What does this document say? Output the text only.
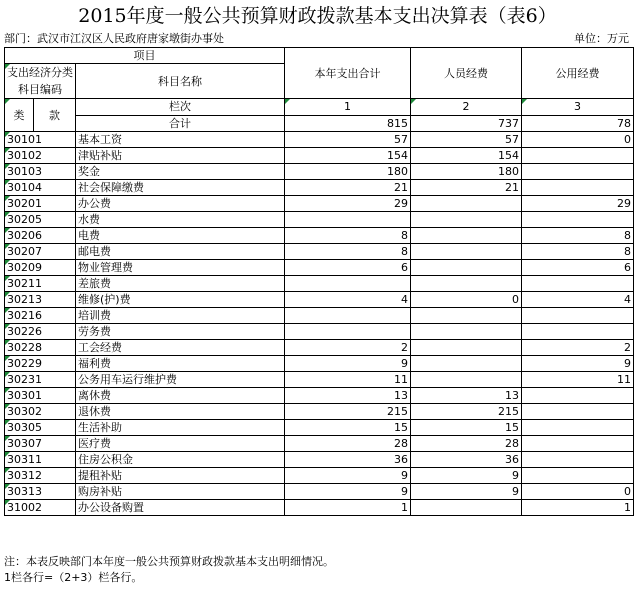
2015年度一般公共预算财政拨款基本支出决算表（表6）
部门：武汉市江汉区人民政府唐家墩街办事处	单位：万元
项目			本年支出合计	人员经费	公用经费
支出经济分类科目编码		科目名称			

类	款	栏次	1	2	3
		合计	815	737	78
30101		基本工资	57	57	0
30102		津贴补贴	154	154	
30103		奖金	180	180	
30104		社会保障缴费	21	21	
30201		办公费	29		29
30205		水费			
30206		电费	8		8
30207		邮电费	8		8
30209		物业管理费	6		6
30211		差旅费			
30213		维修(护)费	4	0	4
30216		培训费			
30226		劳务费			
30228		工会经费	2		2
30229		福利费	9		9
30231		公务用车运行维护费	11		11
30301		离休费	13	13	
30302		退休费	215	215	
30305		生活补助	15	15	
30307		医疗费	28	28	
30311		住房公积金	36	36	
30312		提租补贴	9	9	
30313		购房补贴	9	9	0
31002		办公设备购置	1		1
注：本表反映部门本年度一般公共预算财政拨款基本支出明细情况。
1栏各行=（2+3）栏各行。
